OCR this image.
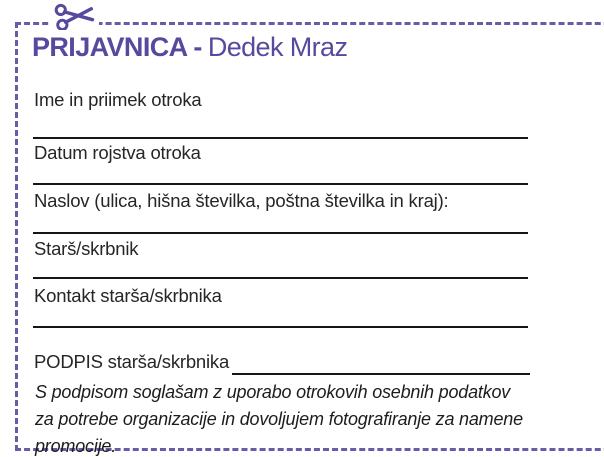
PRIJAVNICA - Dedek Mraz
Ime in priimek otroka
Datum rojstva otroka
Naslov (ulica, hišna številka, poštna številka in kraj):
Starš/skrbnik
Kontakt starša/skrbnika
PODPIS starša/skrbnika
S podpisom soglašam z uporabo otrokovih osebnih podatkov
za potrebe organizacije in dovoljujem fotografiranje za namene
promocije.
